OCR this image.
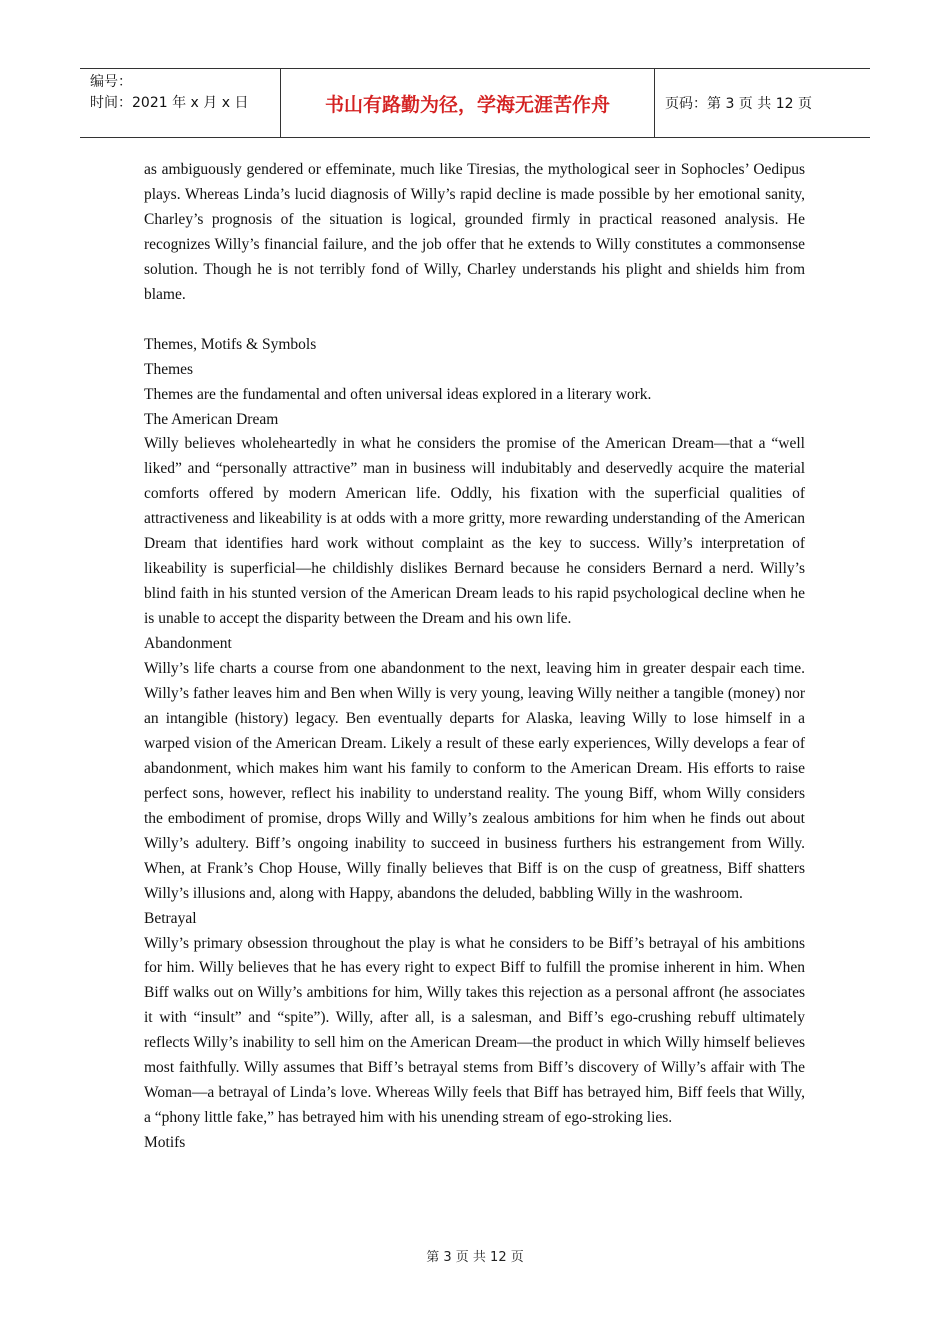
编号：
时间：2021 年 x 月 x 日	书山有路勤为径，学海无涯苦作舟	页码：第 3 页 共 12 页

as ambiguously gendered or effeminate, much like Tiresias, the mythological seer in Sophocles’ Oedipus plays. Whereas Linda’s lucid diagnosis of Willy’s rapid decline is made possible by her emotional sanity, Charley’s prognosis of the situation is logical, grounded firmly in practical reasoned analysis. He recognizes Willy’s financial failure, and the job offer that he extends to Willy constitutes a commonsense solution. Though he is not terribly fond of Willy, Charley understands his plight and shields him from blame.

Themes, Motifs & Symbols

Themes

Themes are the fundamental and often universal ideas explored in a literary work.

The American Dream

Willy believes wholeheartedly in what he considers the promise of the American Dream—that a “well liked” and “personally attractive” man in business will indubitably and deservedly acquire the material comforts offered by modern American life. Oddly, his fixation with the superficial qualities of attractiveness and likeability is at odds with a more gritty, more rewarding understanding of the American Dream that identifies hard work without complaint as the key to success. Willy’s interpretation of likeability is superficial—he childishly dislikes Bernard because he considers Bernard a nerd. Willy’s blind faith in his stunted version of the American Dream leads to his rapid psychological decline when he is unable to accept the disparity between the Dream and his own life.

Abandonment

Willy’s life charts a course from one abandonment to the next, leaving him in greater despair each time. Willy’s father leaves him and Ben when Willy is very young, leaving Willy neither a tangible (money) nor an intangible (history) legacy. Ben eventually departs for Alaska, leaving Willy to lose himself in a warped vision of the American Dream. Likely a result of these early experiences, Willy develops a fear of abandonment, which makes him want his family to conform to the American Dream. His efforts to raise perfect sons, however, reflect his inability to understand reality. The young Biff, whom Willy considers the embodiment of promise, drops Willy and Willy’s zealous ambitions for him when he finds out about Willy’s adultery. Biff’s ongoing inability to succeed in business furthers his estrangement from Willy. When, at Frank’s Chop House, Willy finally believes that Biff is on the cusp of greatness, Biff shatters Willy’s illusions and, along with Happy, abandons the deluded, babbling Willy in the washroom.

Betrayal

Willy’s primary obsession throughout the play is what he considers to be Biff’s betrayal of his ambitions for him. Willy believes that he has every right to expect Biff to fulfill the promise inherent in him. When Biff walks out on Willy’s ambitions for him, Willy takes this rejection as a personal affront (he associates it with “insult” and “spite”). Willy, after all, is a salesman, and Biff’s ego-crushing rebuff ultimately reflects Willy’s inability to sell him on the American Dream—the product in which Willy himself believes most faithfully. Willy assumes that Biff’s betrayal stems from Biff’s discovery of Willy’s affair with The Woman—a betrayal of Linda’s love. Whereas Willy feels that Biff has betrayed him, Biff feels that Willy, a “phony little fake,” has betrayed him with his unending stream of ego-stroking lies.

Motifs

第 3 页 共 12 页
